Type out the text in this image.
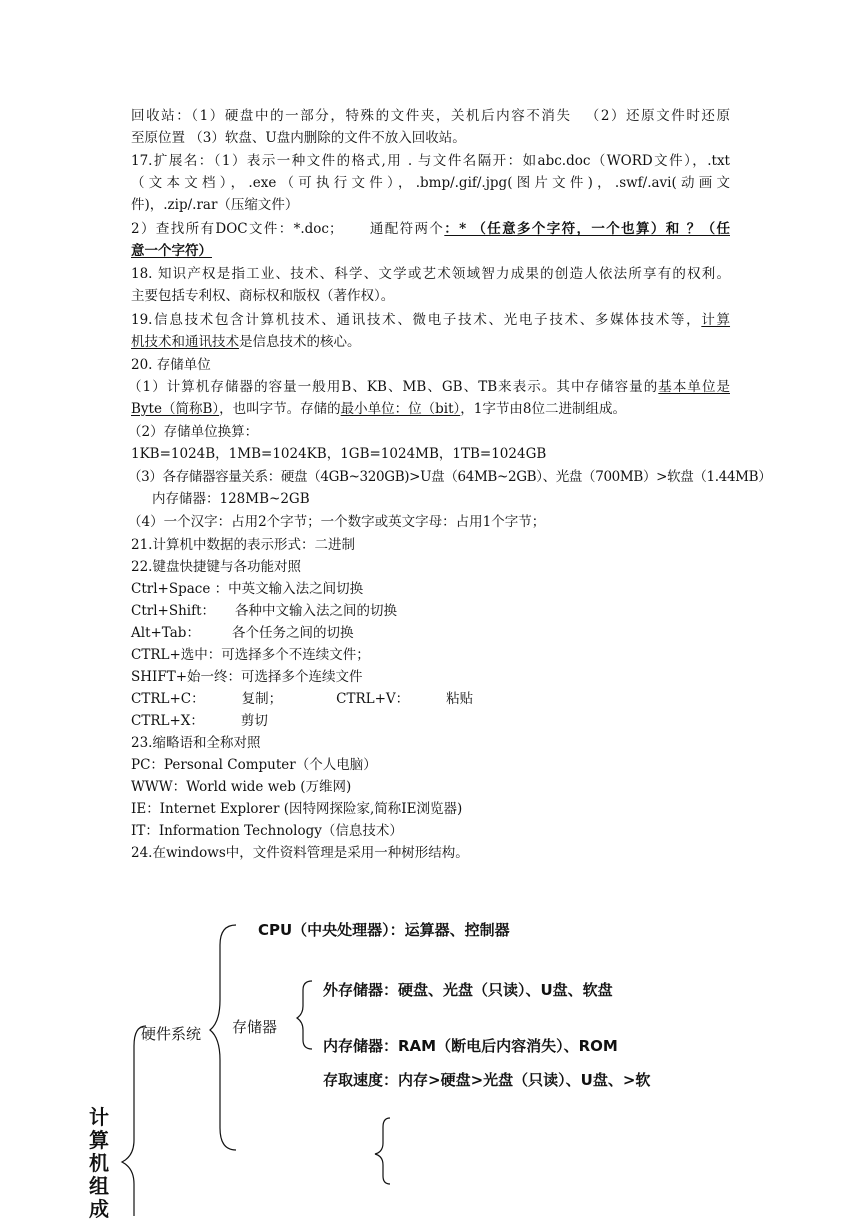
回收站：（1）硬盘中的一部分，特殊的文件夹，关机后内容不消失 　（2）还原文件时还原
至原位置 （3）软盘、U盘内删除的文件不放入回收站。
17.扩展名：（1）表示一种文件的格式,用 . 与文件名隔开：如abc.doc（WORD文件），.txt
（文本文档），.exe（可执行文件），.bmp/.gif/.jpg(图片文件)，.swf/.avi(动画文
件)，.zip/.rar（压缩文件）
2）查找所有DOC文件：*.doc； 通配符两个：* （任意多个字符，一个也算）和 ？（任
意一个字符）
18. 知识产权是指工业、技术、科学、文学或艺术领域智力成果的创造人依法所享有的权利。
主要包括专利权、商标权和版权（著作权）。
19.信息技术包含计算机技术、通讯技术、微电子技术、光电子技术、多媒体技术等，计算
机技术和通讯技术是信息技术的核心。
20. 存储单位
（1）计算机存储器的容量一般用B、KB、MB、GB、TB来表示。其中存储容量的基本单位是
Byte（简称B），也叫字节。存储的最小单位：位（bit），1字节由8位二进制组成。
（2）存储单位换算：
1KB=1024B，1MB=1024KB，1GB=1024MB，1TB=1024GB
（3）各存储器容量关系：硬盘（4GB~320GB)>U盘（64MB~2GB）、光盘（700MB）>软盘（1.44MB）
内存储器：128MB~2GB
（4）一个汉字：占用2个字节；一个数字或英文字母：占用1个字节；
21.计算机中数据的表示形式：二进制
22.键盘快捷键与各功能对照
Ctrl+Space ：中英文输入法之间切换
Ctrl+Shift： 各种中文输入法之间的切换
Alt+Tab： 各个任务之间的切换
CTRL+选中：可选择多个不连续文件；
SHIFT+始一终：可选择多个连续文件
CTRL+C：	复制；	CTRL+V：	粘贴
CTRL+X：	剪切
23.缩略语和全称对照
PC：Personal Computer（个人电脑）
WWW：World wide web (万维网)
IE：Internet Explorer (因特网探险家,简称IE浏览器)
IT：Information Technology（信息技术）
24.在windows中，文件资料管理是采用一种树形结构。
CPU（中央处理器）：运算器、控制器
外存储器：硬盘、光盘（只读）、U盘、软盘
存储器
硬件系统
内存储器：RAM（断电后内容消失）、ROM
存取速度：内存>硬盘>光盘（只读）、U盘、>软
计
算
机
组
成
